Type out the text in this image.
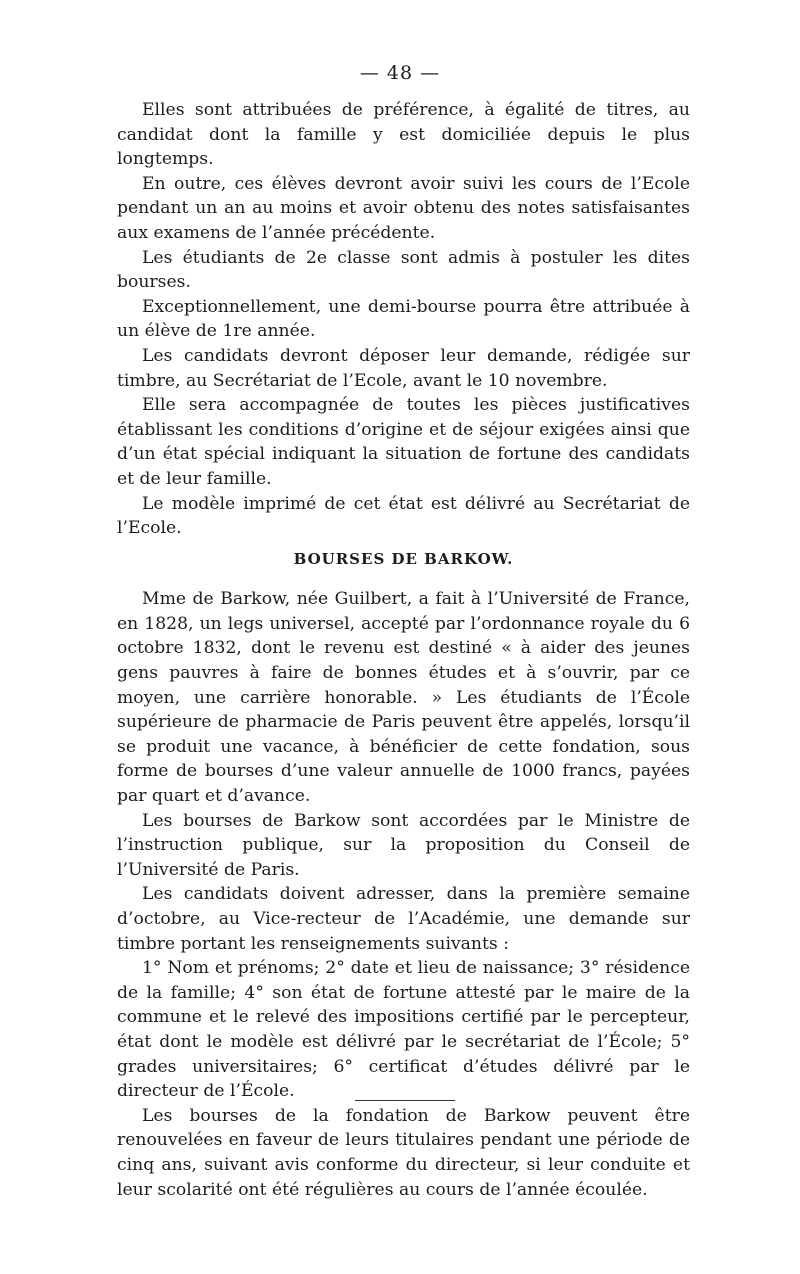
— 48 —

Elles sont attribuées de préférence, à égalité de titres, au candidat dont la famille y est domiciliée depuis le plus longtemps.

En outre, ces élèves devront avoir suivi les cours de l’Ecole pendant un an au moins et avoir obtenu des notes satisfaisantes aux examens de l’année précédente.

Les étudiants de 2e classe sont admis à postuler les dites bourses.

Exceptionnellement, une demi-bourse pourra être attribuée à un élève de 1re année.

Les candidats devront déposer leur demande, rédigée sur timbre, au Secrétariat de l’Ecole, avant le 10 novembre.

Elle sera accompagnée de toutes les pièces justificatives établissant les conditions d’origine et de séjour exigées ainsi que d’un état spécial indiquant la situation de fortune des candidats et de leur famille.

Le modèle imprimé de cet état est délivré au Secrétariat de l’Ecole.

BOURSES DE BARKOW.

Mme de Barkow, née Guilbert, a fait à l’Université de France, en 1828, un legs universel, accepté par l’ordonnance royale du 6 octobre 1832, dont le revenu est destiné « à aider des jeunes gens pauvres à faire de bonnes études et à s’ouvrir, par ce moyen, une carrière honorable. » Les étudiants de l’École supérieure de pharmacie de Paris peuvent être appelés, lorsqu’il se produit une vacance, à bénéficier de cette fondation, sous forme de bourses d’une valeur annuelle de 1000 francs, payées par quart et d’avance.

Les bourses de Barkow sont accordées par le Ministre de l’instruction publique, sur la proposition du Conseil de l’Université de Paris.

Les candidats doivent adresser, dans la première semaine d’octobre, au Vice-recteur de l’Académie, une demande sur timbre portant les renseignements suivants :

1° Nom et prénoms; 2° date et lieu de naissance; 3° résidence de la famille; 4° son état de fortune attesté par le maire de la commune et le relevé des impositions certifié par le percepteur, état dont le modèle est délivré par le secrétariat de l’École; 5° grades universitaires; 6° certificat d’études délivré par le directeur de l’École.

Les bourses de la fondation de Barkow peuvent être renouvelées en faveur de leurs titulaires pendant une période de cinq ans, suivant avis conforme du directeur, si leur conduite et leur scolarité ont été régulières au cours de l’année écoulée.
